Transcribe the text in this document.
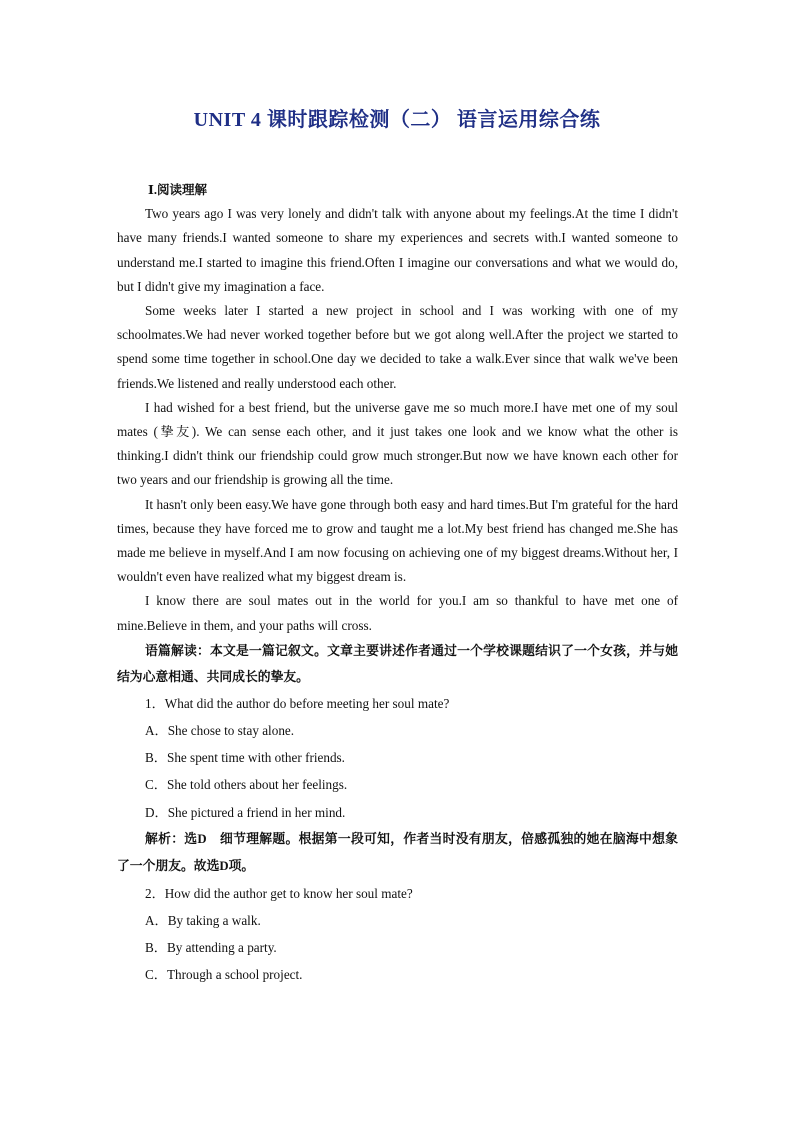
UNIT 4 课时跟踪检测（二） 语言运用综合练

Ⅰ.阅读理解

Two years ago I was very lonely and didn't talk with anyone about my feelings.At the time I didn't have many friends.I wanted someone to share my experiences and secrets with.I wanted someone to understand me.I started to imagine this friend.Often I imagine our conversations and what we would do, but I didn't give my imagination a face.

Some weeks later I started a new project in school and I was working with one of my schoolmates.We had never worked together before but we got along well.After the project we started to spend some time together in school.One day we decided to take a walk.Ever since that walk we've been friends.We listened and really understood each other.

I had wished for a best friend, but the universe gave me so much more.I have met one of my soul mates (挚友). We can sense each other, and it just takes one look and we know what the other is thinking.I didn't think our friendship could grow much stronger.But now we have known each other for two years and our friendship is growing all the time.

It hasn't only been easy.We have gone through both easy and hard times.But I'm grateful for the hard times, because they have forced me to grow and taught me a lot.My best friend has changed me.She has made me believe in myself.And I am now focusing on achieving one of my biggest dreams.Without her, I wouldn't even have realized what my biggest dream is.

I know there are soul mates out in the world for you.I am so thankful to have met one of mine.Believe in them, and your paths will cross.

语篇解读：本文是一篇记叙文。文章主要讲述作者通过一个学校课题结识了一个女孩，并与她结为心意相通、共同成长的挚友。

1．What did the author do before meeting her soul mate?

A．She chose to stay alone.

B．She spent time with other friends.

C．She told others about her feelings.

D．She pictured a friend in her mind.

解析：选D　细节理解题。根据第一段可知，作者当时没有朋友，倍感孤独的她在脑海中想象了一个朋友。故选D项。

2．How did the author get to know her soul mate?

A．By taking a walk.

B．By attending a party.

C．Through a school project.
